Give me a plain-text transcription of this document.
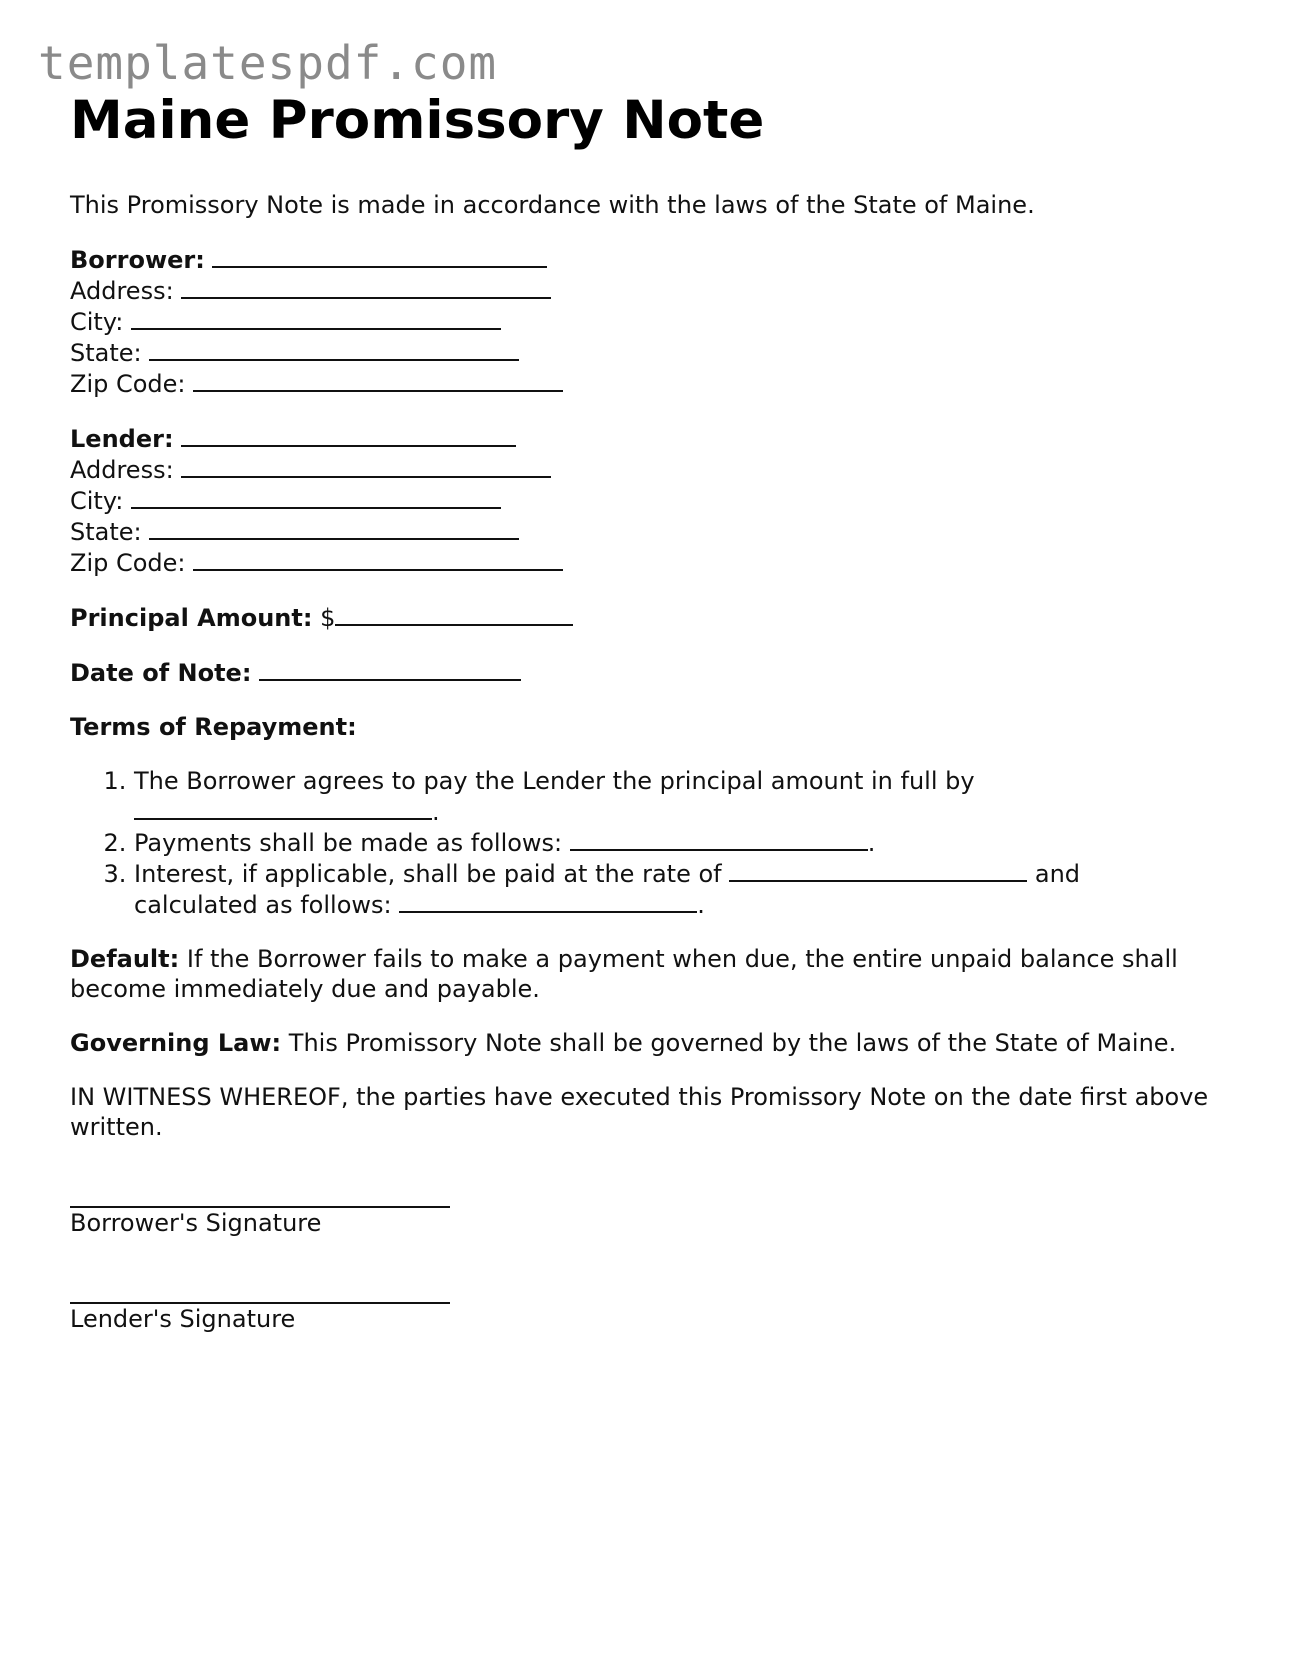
templatespdf.com
Maine Promissory Note

This Promissory Note is made in accordance with the laws of the State of Maine.

Borrower:
Address:
City:
State:
Zip Code:
Lender:
Address:
City:
State:
Zip Code:
Principal Amount: $
Date of Note:
Terms of Repayment:
1. The Borrower agrees to pay the Lender the principal amount in full by
.
2. Payments shall be made as follows:	.
3. Interest, if applicable, shall be paid at the rate of	and
calculated as follows:	.

Default: If the Borrower fails to make a payment when due, the entire unpaid balance shall become immediately due and payable.

Governing Law: This Promissory Note shall be governed by the laws of the State of Maine.

IN WITNESS WHEREOF, the parties have executed this Promissory Note on the date first above written.

Borrower's Signature
Lender's Signature
